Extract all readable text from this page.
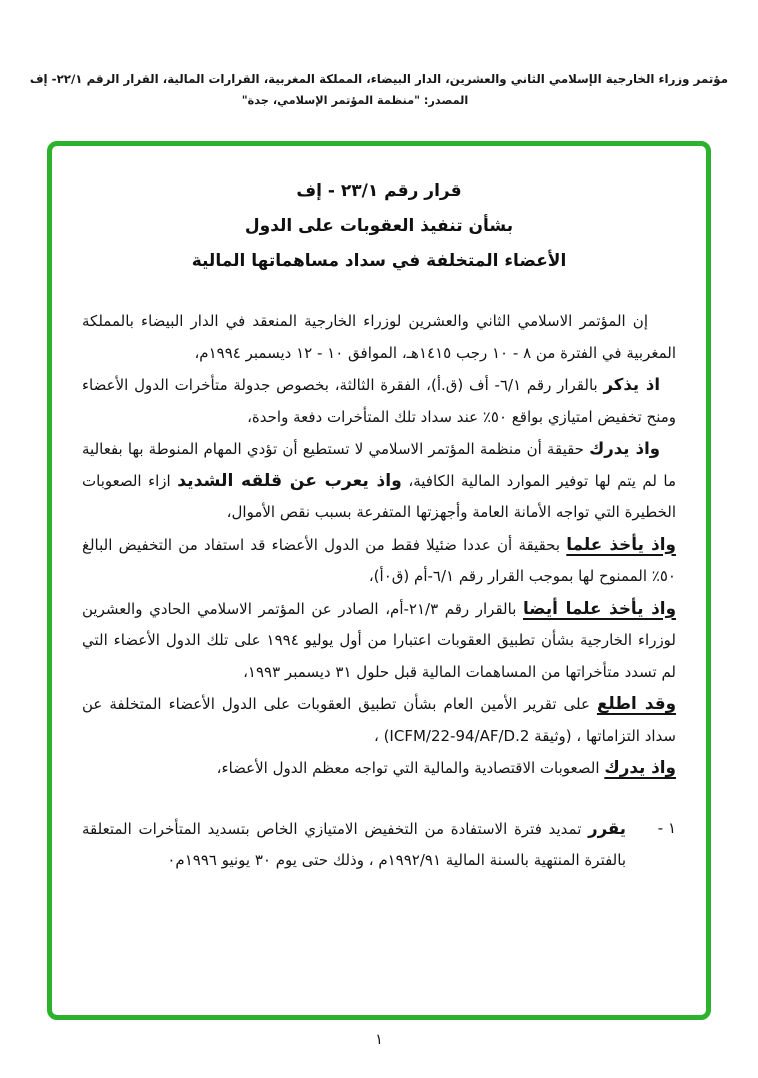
مؤتمر وزراء الخارجية الإسلامي الثاني والعشرين، الدار البيضاء، المملكة المغربية، القرارات المالية، القرار الرقم ٢٢/١- إف
المصدر: "منظمة المؤتمر الإسلامي، جدة"
قرار رقم ٢٣/١ - إف
بشأن تنفيذ العقوبات على الدول
الأعضاء المتخلفة في سداد مساهماتها المالية

إن المؤتمر الاسلامي الثاني والعشرين لوزراء الخارجية المنعقد في الدار البيضاء بالمملكة المغربية في الفترة من ٨ - ١٠ رجب ١٤١٥هـ، الموافق ١٠ - ١٢ ديسمبر ١٩٩٤م،

اذ يذكر بالقرار رقم ٦/١- أف (ق.أ)، الفقرة الثالثة، بخصوص جدولة متأخرات الدول الأعضاء ومنح تخفيض امتيازي بواقع ٥٠٪ عند سداد تلك المتأخرات دفعة واحدة،

واذ يدرك حقيقة أن منظمة المؤتمر الاسلامي لا تستطيع أن تؤدي المهام المنوطة بها بفعالية ما لم يتم لها توفير الموارد المالية الكافية، واذ يعرب عن قلقه الشديد ازاء الصعوبات الخطيرة التي تواجه الأمانة العامة وأجهزتها المتفرعة بسبب نقص الأموال،

واذ يأخذ علما بحقيقة أن عددا ضئيلا فقط من الدول الأعضاء قد استفاد من التخفيض البالغ ٥٠٪ الممنوح لها بموجب القرار رقم ٦/١-أم (ق٠أ)،

واذ يأخذ علما أيضا بالقرار رقم ٢١/٣-أم، الصادر عن المؤتمر الاسلامي الحادي والعشرين لوزراء الخارجية بشأن تطبيق العقوبات اعتبارا من أول يوليو ١٩٩٤ على تلك الدول الأعضاء التي لم تسدد متأخراتها من المساهمات المالية قبل حلول ٣١ ديسمبر ١٩٩٣،

وقد اطلع على تقرير الأمين العام بشأن تطبيق العقوبات على الدول الأعضاء المتخلفة عن سداد التزاماتها ، (وثيقة ICFM/22-94/AF/D.2) ،

واذ يدرك الصعوبات الاقتصادية والمالية التي تواجه معظم الدول الأعضاء،

١ -
يقرر تمديد فترة الاستفادة من التخفيض الامتيازي الخاص بتسديد المتأخرات المتعلقة بالفترة المنتهية بالسنة المالية ١٩٩٢/٩١م ، وذلك حتى يوم ٣٠ يونيو ١٩٩٦م٠
١
